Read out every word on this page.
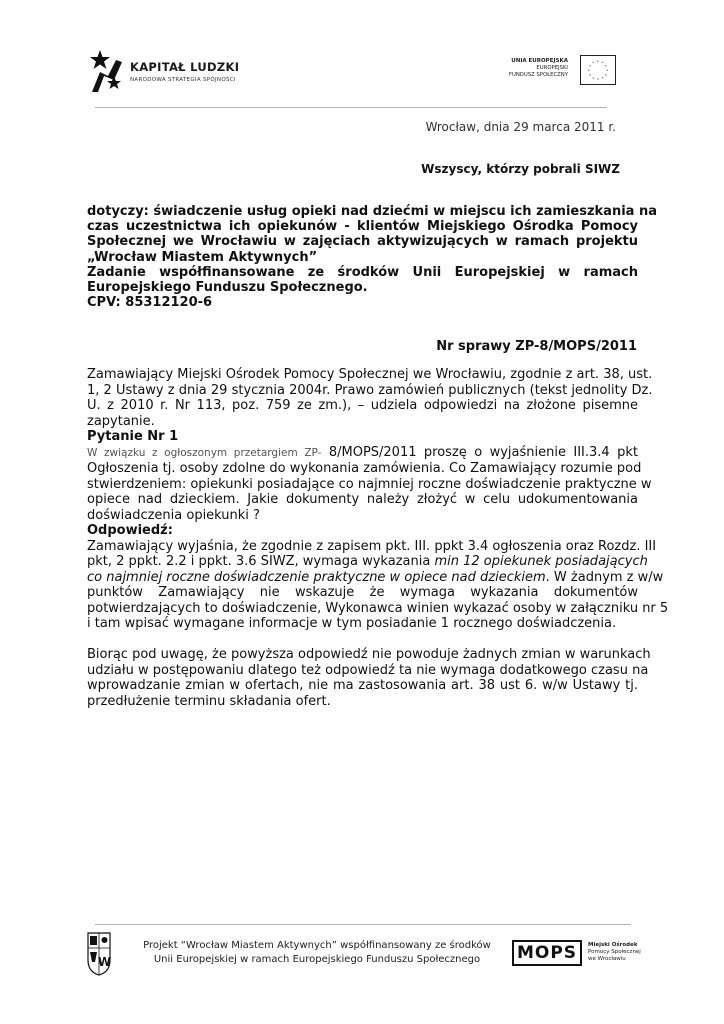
KAPITAŁ LUDZKI
NARODOWA STRATEGIA SPÓJNOŚCI
UNIA EUROPEJSKA
EUROPEJSKI
FUNDUSZ SPOŁECZNY
* *
*
*
*
*
*
*
*
*
*
*
Wrocław, dnia 29 marca 2011 r.
Wszyscy, którzy pobrali SIWZ
dotyczy: świadczenie usług opieki nad dziećmi w miejscu ich zamieszkania na
czas uczestnictwa ich opiekunów - klientów Miejskiego Ośrodka Pomocy
Społecznej we Wrocławiu w zajęciach aktywizujących w ramach projektu
„Wrocław Miastem Aktywnych”
Zadanie współfinansowane ze środków Unii Europejskiej w ramach
Europejskiego Funduszu Społecznego.
CPV: 85312120-6
Nr sprawy ZP-8/MOPS/2011
Zamawiający Miejski Ośrodek Pomocy Społecznej we Wrocławiu, zgodnie z art. 38, ust.
1, 2 Ustawy z dnia 29 stycznia 2004r. Prawo zamówień publicznych (tekst jednolity Dz.
U. z 2010 r. Nr 113, poz. 759 ze zm.), – udziela odpowiedzi na złożone pisemne
zapytanie.
Pytanie Nr 1
W związku z ogłoszonym przetargiem ZP- 8/MOPS/2011 proszę o wyjaśnienie III.3.4 pkt
Ogłoszenia tj. osoby zdolne do wykonania zamówienia. Co Zamawiający rozumie pod
stwierdzeniem: opiekunki posiadające co najmniej roczne doświadczenie praktyczne w
opiece nad dzieckiem. Jakie dokumenty należy złożyć w celu udokumentowania
doświadczenia opiekunki ?
Odpowiedź:
Zamawiający wyjaśnia, że zgodnie z zapisem pkt. III. ppkt 3.4 ogłoszenia oraz Rozdz. III
pkt, 2 ppkt. 2.2 i ppkt. 3.6 SIWZ, wymaga wykazania min 12 opiekunek posiadających
co najmniej roczne doświadczenie praktyczne w opiece nad dzieckiem. W żadnym z w/w
punktów Zamawiający nie wskazuje że wymaga wykazania dokumentów
potwierdzających to doświadczenie, Wykonawca winien wykazać osoby w załączniku nr 5
i tam wpisać wymagane informacje w tym posiadanie 1 rocznego doświadczenia.
Biorąc pod uwagę, że powyższa odpowiedź nie powoduje żadnych zmian w warunkach
udziału w postępowaniu dlatego też odpowiedź ta nie wymaga dodatkowego czasu na
wprowadzanie zmian w ofertach, nie ma zastosowania art. 38 ust 6. w/w Ustawy tj.
przedłużenie terminu składania ofert.
W
Projekt “Wrocław Miastem Aktywnych” współfinansowany ze środków
Unii Europejskiej w ramach Europejskiego Funduszu Społecznego	MOPS	Miejski Ośrodek
Pomocy Społecznej
we Wrocławiu
